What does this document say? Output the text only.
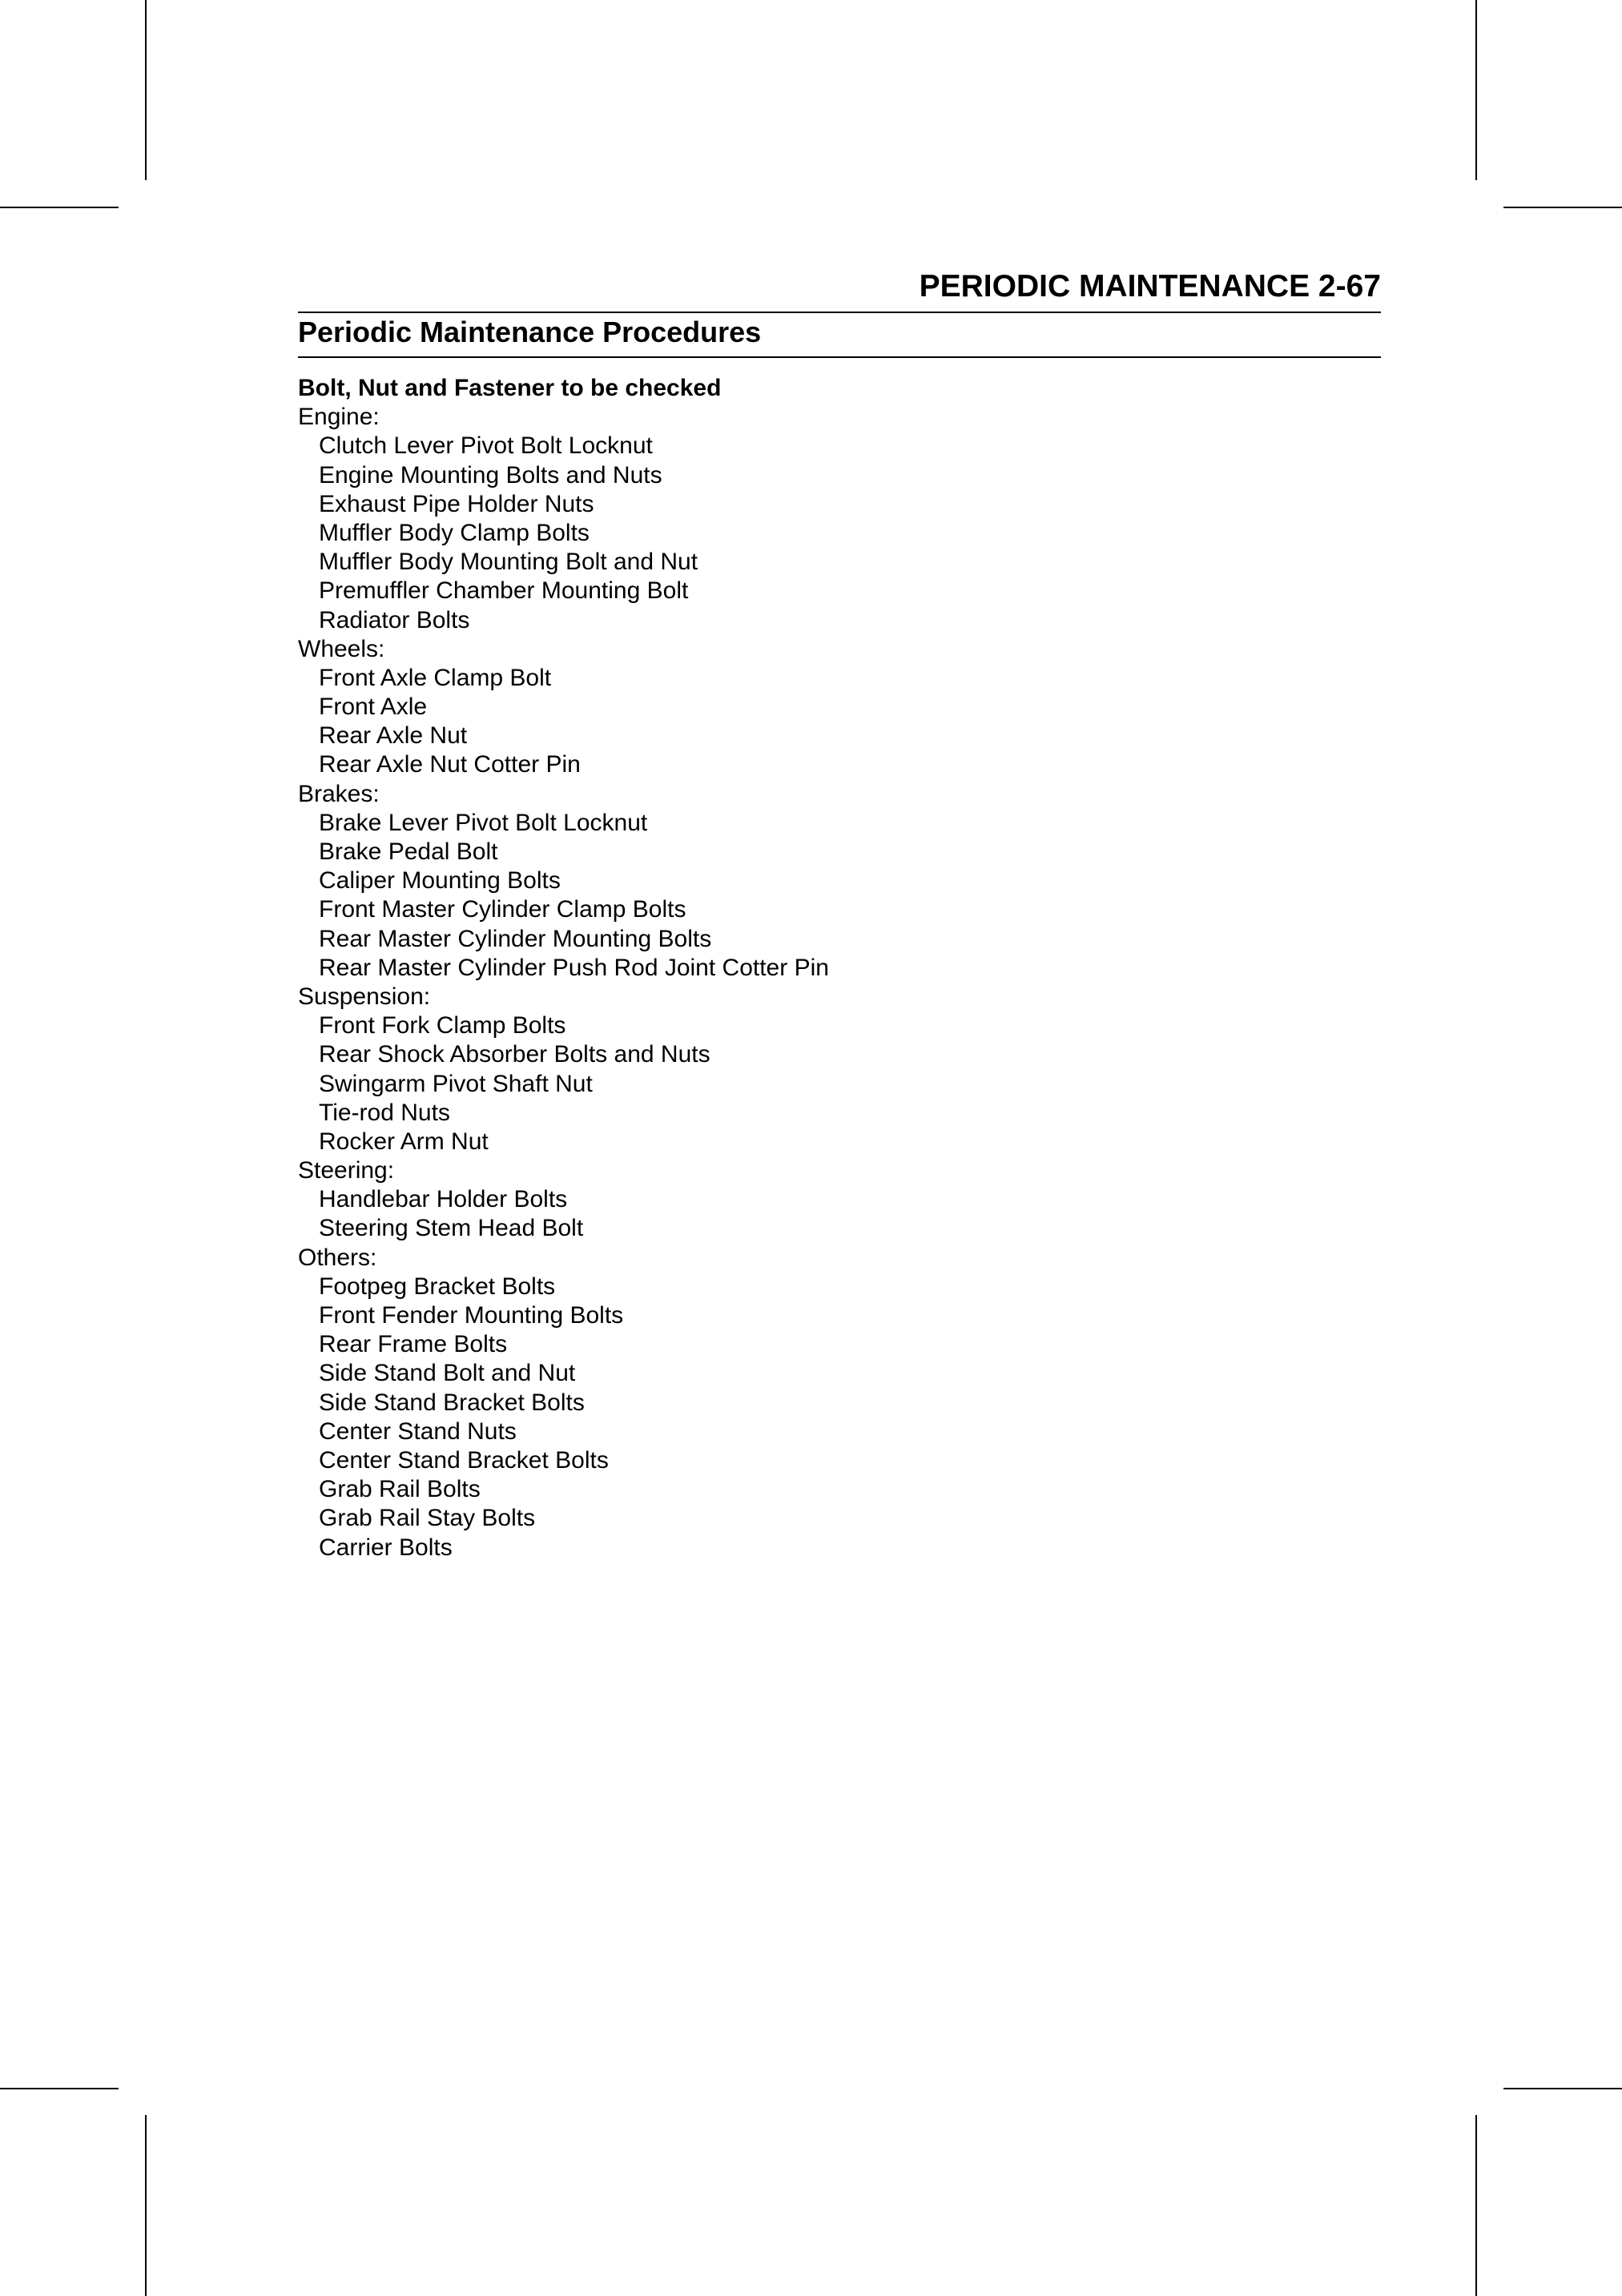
PERIODIC MAINTENANCE 2-67
Periodic Maintenance Procedures
Bolt, Nut and Fastener to be checked
Engine:
Clutch Lever Pivot Bolt Locknut
Engine Mounting Bolts and Nuts
Exhaust Pipe Holder Nuts
Muffler Body Clamp Bolts
Muffler Body Mounting Bolt and Nut
Premuffler Chamber Mounting Bolt
Radiator Bolts
Wheels:
Front Axle Clamp Bolt
Front Axle
Rear Axle Nut
Rear Axle Nut Cotter Pin
Brakes:
Brake Lever Pivot Bolt Locknut
Brake Pedal Bolt
Caliper Mounting Bolts
Front Master Cylinder Clamp Bolts
Rear Master Cylinder Mounting Bolts
Rear Master Cylinder Push Rod Joint Cotter Pin
Suspension:
Front Fork Clamp Bolts
Rear Shock Absorber Bolts and Nuts
Swingarm Pivot Shaft Nut
Tie-rod Nuts
Rocker Arm Nut
Steering:
Handlebar Holder Bolts
Steering Stem Head Bolt
Others:
Footpeg Bracket Bolts
Front Fender Mounting Bolts
Rear Frame Bolts
Side Stand Bolt and Nut
Side Stand Bracket Bolts
Center Stand Nuts
Center Stand Bracket Bolts
Grab Rail Bolts
Grab Rail Stay Bolts
Carrier Bolts
